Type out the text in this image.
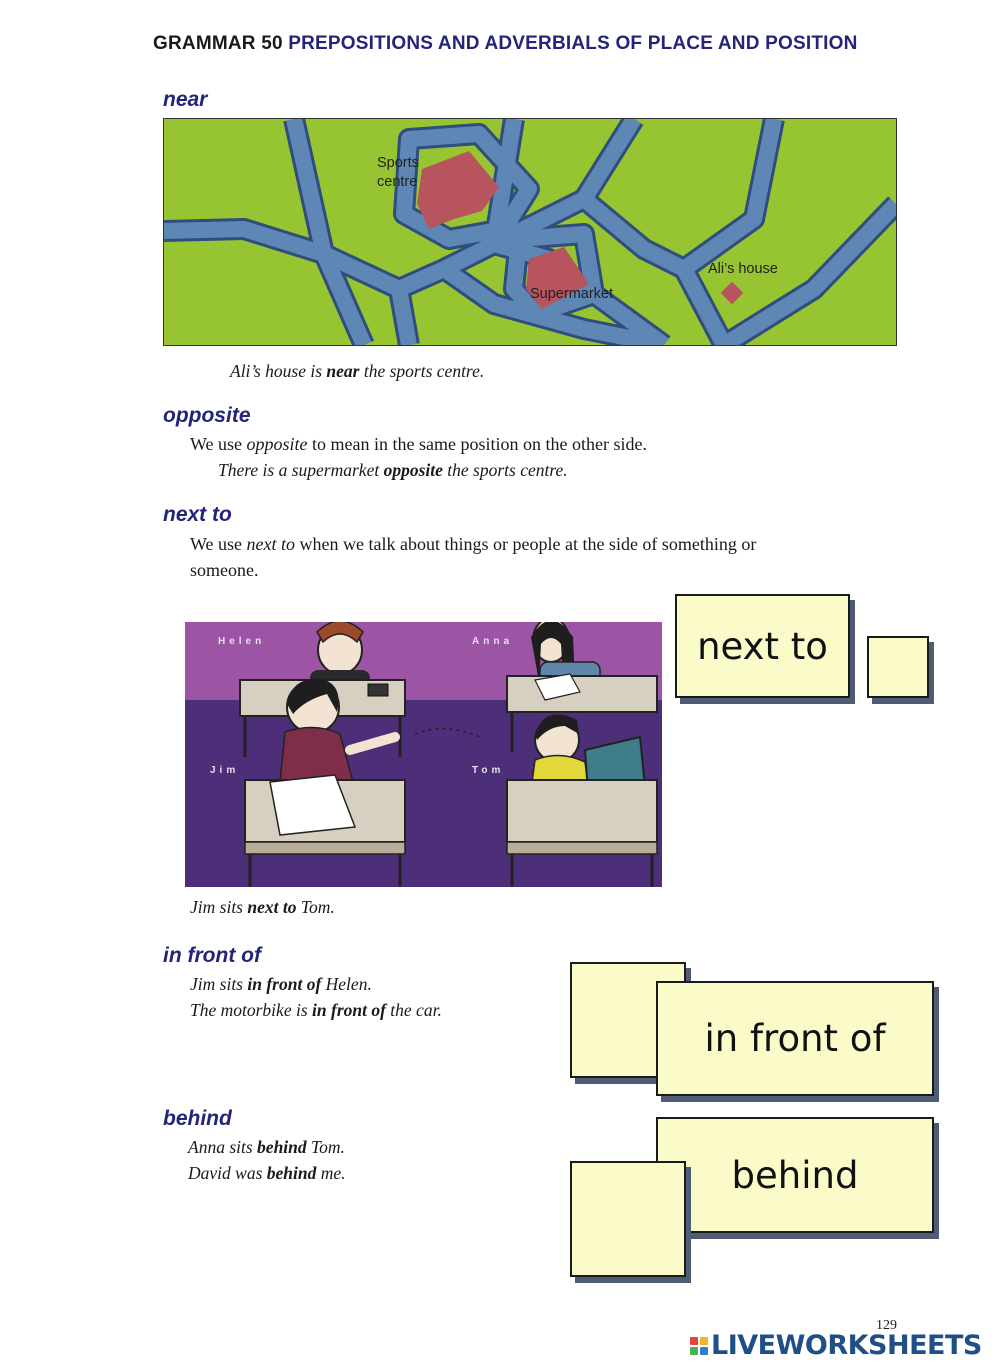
GRAMMAR 50 PREPOSITIONS AND ADVERBIALS OF PLACE AND POSITION
near
Sports
centre
Supermarket
Ali’s house
Ali’s house is near the sports centre.
opposite
We use opposite to mean in the same position on the other side.
There is a supermarket opposite the sports centre.
next to
We use next to when we talk about things or people at the side of something or
someone.
Helen	Anna
Jim	Tom
Jim sits next to Tom.
next to
in front of
Jim sits in front of Helen.
The motorbike is in front of the car.
in front of
behind
Anna sits behind Tom.
David was behind me.	behind
129
LIVEWORKSHEETS
